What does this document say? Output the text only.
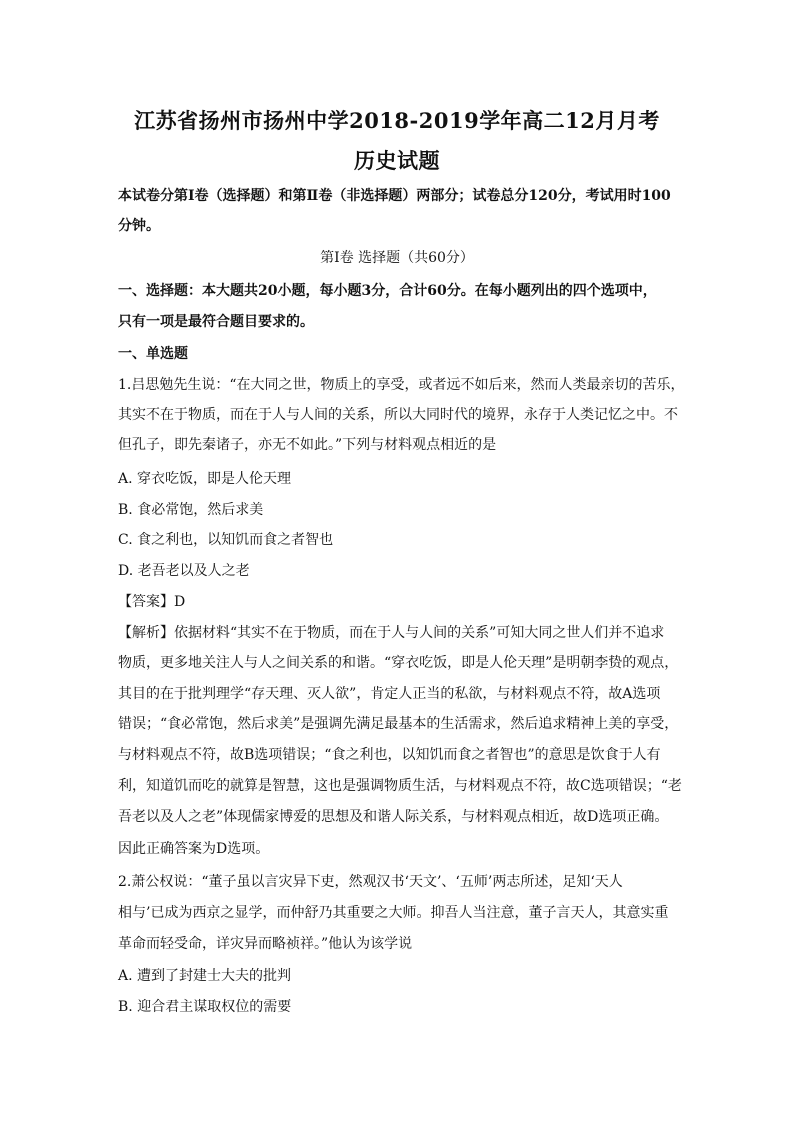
江苏省扬州市扬州中学2018-2019学年高二12月月考
历史试题
本试卷分第Ⅰ卷（选择题）和第Ⅱ卷（非选择题）两部分；试卷总分120分，考试用时100
分钟。
第Ⅰ卷 选择题（共60分）
一、选择题：本大题共20小题，每小题3分，合计60分。在每小题列出的四个选项中，
只有一项是最符合题目要求的。
一、单选题
1.吕思勉先生说：“在大同之世，物质上的享受，或者远不如后来，然而人类最亲切的苦乐，
其实不在于物质，而在于人与人间的关系，所以大同时代的境界，永存于人类记忆之中。不
但孔子，即先秦诸子，亦无不如此。”下列与材料观点相近的是
A. 穿衣吃饭，即是人伦天理
B. 食必常饱，然后求美
C. 食之利也，以知饥而食之者智也
D. 老吾老以及人之老
【答案】D
【解析】依据材料“其实不在于物质，而在于人与人间的关系”可知大同之世人们并不追求
物质，更多地关注人与人之间关系的和谐。“穿衣吃饭，即是人伦天理”是明朝李贽的观点，
其目的在于批判理学“存天理、灭人欲”，肯定人正当的私欲，与材料观点不符，故A选项
错误；“食必常饱，然后求美”是强调先满足最基本的生活需求，然后追求精神上美的享受，
与材料观点不符，故B选项错误；“食之利也，以知饥而食之者智也”的意思是饮食于人有
利，知道饥而吃的就算是智慧，这也是强调物质生活，与材料观点不符，故C选项错误；“老
吾老以及人之老”体现儒家博爱的思想及和谐人际关系，与材料观点相近，故D选项正确。
因此正确答案为D选项。
2.萧公权说：“董子虽以言灾异下吏，然观汉书‘天文’、‘五师’两志所述，足知‘天人
相与’已成为西京之显学，而仲舒乃其重要之大师。抑吾人当注意，董子言天人，其意实重
革命而轻受命，详灾异而略祯祥。”他认为该学说
A. 遭到了封建士大夫的批判
B. 迎合君主谋取权位的需要
